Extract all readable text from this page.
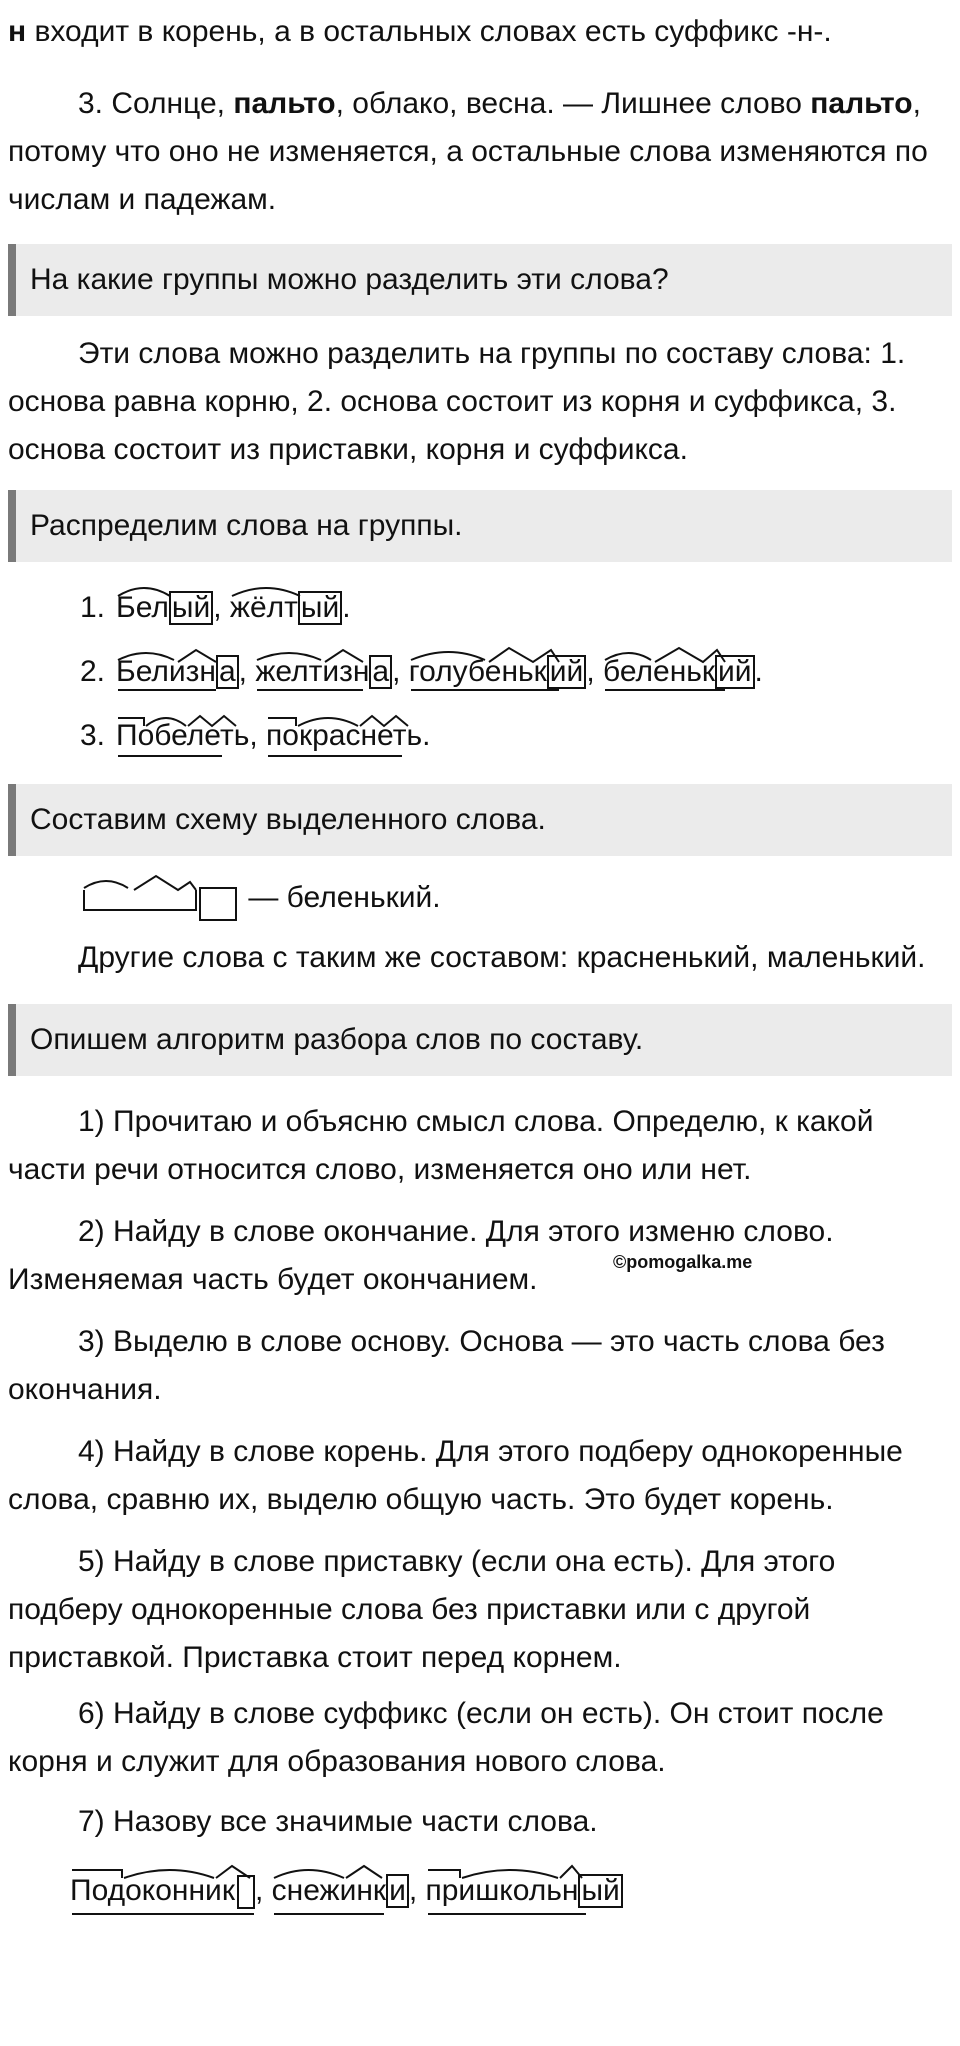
н входит в корень, а в остальных словах есть суффикс -н-.

3. Солнце, пальто, облако, весна. — Лишнее слово пальто, потому что оно не изменяется, а остальные слова изменяются по числам и падежам.

На какие группы можно разделить эти слова?

Эти слова можно разделить на группы по составу слова: 1. основа равна корню, 2. основа состоит из корня и суффикса, 3. основа состоит из приставки, корня и суффикса.

Распределим слова на группы.
1. Бел ый ,
жёлт ый .
2. Белизн а ,
желтизн а ,
голубеньк ий ,
беленьк ий .
3. Побелеть,
покраснеть.
Составим схему выделенного слова.
— беленький.

Другие слова с таким же составом: красненький, маленький.

Опишем алгоритм разбора слов по составу.

1) Прочитаю и объясню смысл слова. Определю, к какой части речи относится слово, изменяется оно или нет.

2) Найду в слове окончание. Для этого изменю слово. Изменяемая часть будет окончанием.

3) Выделю в слове основу. Основа — это часть слова без окончания.

4) Найду в слове корень. Для этого подберу однокоренные слова, сравню их, выделю общую часть. Это будет корень.

5) Найду в слове приставку (если она есть). Для этого подберу однокоренные слова без приставки или с другой приставкой. Приставка стоит перед корнем.

6) Найду в слове суффикс (если он есть). Он стоит после корня и служит для образования нового слова.

7) Назову все значимые части слова.

Подоконник ,
снежинк и ,
пришкольн ый
©pomogalka.me
